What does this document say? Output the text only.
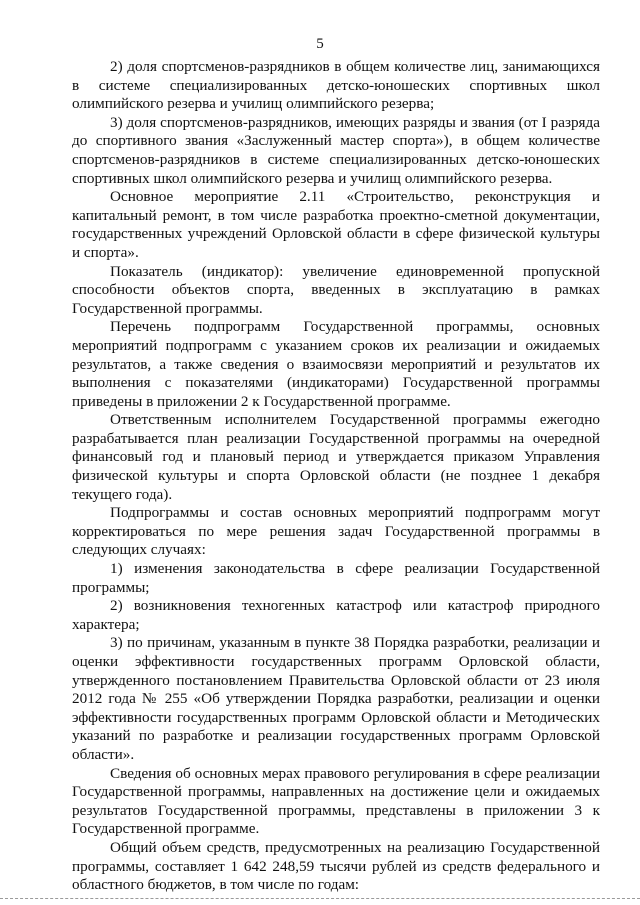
5

2) доля спортсменов-разрядников в общем количестве лиц, занимающихся в системе специализированных детско-юношеских спортивных школ олимпийского резерва и училищ олимпийского резерва;

3) доля спортсменов-разрядников, имеющих разряды и звания (от I разряда до спортивного звания «Заслуженный мастер спорта»), в общем количестве спортсменов-разрядников в системе специализированных детско-юношеских спортивных школ олимпийского резерва и училищ олимпийского резерва.

Основное мероприятие 2.11 «Строительство, реконструкция и капитальный ремонт, в том числе разработка проектно-сметной документации, государственных учреждений Орловской области в сфере физической культуры и спорта».

Показатель (индикатор): увеличение единовременной пропускной способности объектов спорта, введенных в эксплуатацию в рамках Государственной программы.

Перечень подпрограмм Государственной программы, основных мероприятий подпрограмм с указанием сроков их реализации и ожидаемых результатов, а также сведения о взаимосвязи мероприятий и результатов их выполнения с показателями (индикаторами) Государственной программы приведены в приложении 2 к Государственной программе.

Ответственным исполнителем Государственной программы ежегодно разрабатывается план реализации Государственной программы на очередной финансовый год и плановый период и утверждается приказом Управления физической культуры и спорта Орловской области (не позднее 1 декабря текущего года).

Подпрограммы и состав основных мероприятий подпрограмм могут корректироваться по мере решения задач Государственной программы в следующих случаях:

1) изменения законодательства в сфере реализации Государственной программы;

2) возникновения техногенных катастроф или катастроф природного характера;

3) по причинам, указанным в пункте 38 Порядка разработки, реализации и оценки эффективности государственных программ Орловской области, утвержденного постановлением Правительства Орловской области от 23 июля 2012 года № 255 «Об утверждении Порядка разработки, реализации и оценки эффективности государственных программ Орловской области и Методических указаний по разработке и реализации государственных программ Орловской области».

Сведения об основных мерах правового регулирования в сфере реализации Государственной программы, направленных на достижение цели и ожидаемых результатов Государственной программы, представлены в приложении 3 к Государственной программе.

Общий объем средств, предусмотренных на реализацию Государственной программы, составляет 1 642 248,59 тысячи рублей из средств федерального и областного бюджетов, в том числе по годам:
